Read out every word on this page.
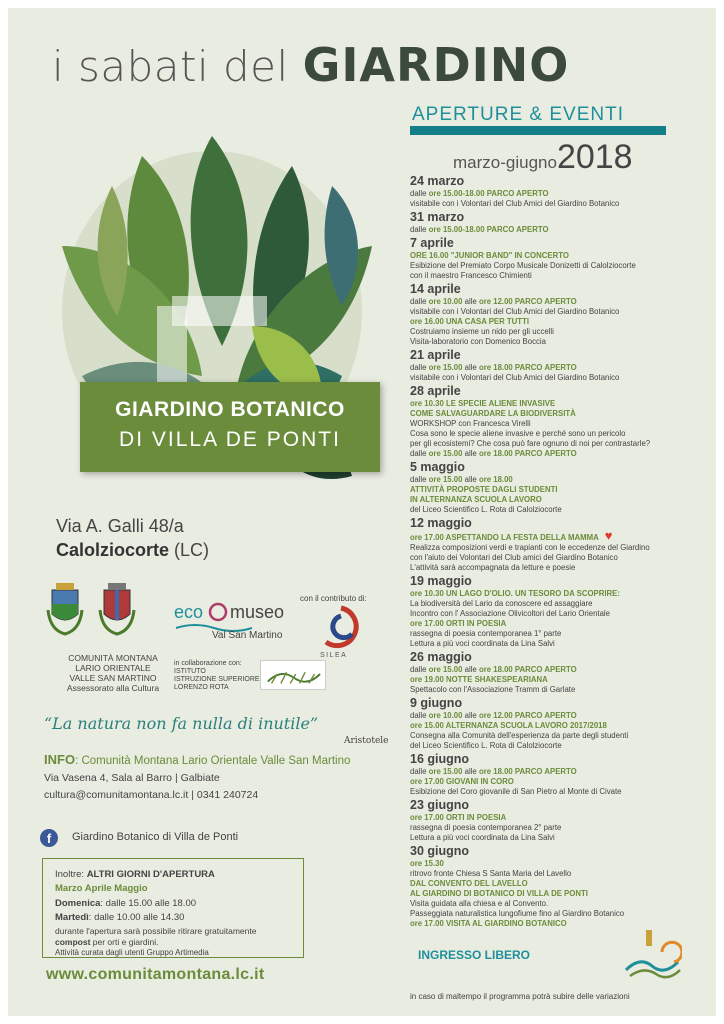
i sabati del GIARDINO
APERTURE & EVENTI
marzo-giugno2018
GIARDINO BOTANICO
DI VILLA DE PONTI
Via A. Galli 48/a
Calolziocorte (LC)
COMUNITÀ MONTANA
LARIO ORIENTALE
VALLE SAN MARTINO
Assessorato alla Cultura
eco museo
Val San Martino
con il contributo di:
SILEA
in collaborazione con:
ISTITUTO
ISTRUZIONE SUPERIORE
LORENZO ROTA
“La natura non fa nulla di inutile”
Aristotele
INFO: Comunità Montana Lario Orientale Valle San Martino
Via Vasena 4, Sala al Barro | Galbiate
cultura@comunitamontana.lc.it | 0341 240724
f	Giardino Botanico di Villa de Ponti
Inoltre: ALTRI GIORNI D'APERTURA
Marzo Aprile Maggio
Domenica: dalle 15.00 alle 18.00
Martedì: dalle 10.00 alle 14.30
durante l'apertura sarà possibile ritirare gratuitamente
compost per orti e giardini.
Attività curata dagli utenti Gruppo Artimedia
www.comunitamontana.lc.it
24 marzo
dalle ore 15.00-18.00 PARCO APERTO
visitabile con i Volontari del Club Amici del Giardino Botanico
31 marzo
dalle ore 15.00-18.00 PARCO APERTO
7 aprile
ORE 16.00 "JUNIOR BAND" IN CONCERTO
Esibizione del Premiato Corpo Musicale Donizetti di Calolziocorte
con il maestro Francesco Chimienti
14 aprile
dalle ore 10.00 alle ore 12.00 PARCO APERTO
visitabile con i Volontari del Club Amici del Giardino Botanico
ore 16.00 UNA CASA PER TUTTI
Costruiamo insieme un nido per gli uccelli
Visita-laboratorio con Domenico Boccia
21 aprile
dalle ore 15.00 alle ore 18.00 PARCO APERTO
visitabile con i Volontari del Club Amici del Giardino Botanico
28 aprile
ore 10.30 LE SPECIE ALIENE INVASIVE
COME SALVAGUARDARE LA BIODIVERSITÀ
WORKSHOP con Francesca Virelli
Cosa sono le specie aliene invasive e perché sono un pericolo
per gli ecosistemi? Che cosa può fare ognuno di noi per contrastarle?
dalle ore 15.00 alle ore 18.00 PARCO APERTO
5 maggio
dalle ore 15.00 alle ore 18.00
ATTIVITÀ PROPOSTE DAGLI STUDENTI
IN ALTERNANZA SCUOLA LAVORO
del Liceo Scientifico L. Rota di Calolziocorte
12 maggio
ore 17.00 ASPETTANDO LA FESTA DELLA MAMMA ♥
Realizza composizioni verdi e trapianti con le eccedenze del Giardino
con l'aiuto dei Volontari del Club amici del Giardino Botanico
L'attività sarà accompagnata da letture e poesie
19 maggio
ore 10.30 UN LAGO D'OLIO. UN TESORO DA SCOPRIRE:
La biodiversità del Lario da conoscere ed assaggiare
Incontro con l' Associazione Olivicoltori del Lario Orientale
ore 17.00 ORTI IN POESIA
rassegna di poesia contemporanea 1° parte
Lettura a più voci coordinata da Lina Salvi
26 maggio
dalle ore 15.00 alle ore 18.00 PARCO APERTO
ore 19.00 NOTTE SHAKESPEARIANA
Spettacolo con l'Associazione Tramm di Garlate
9 giugno
dalle ore 10.00 alle ore 12.00 PARCO APERTO
ore 15.00 ALTERNANZA SCUOLA LAVORO 2017/2018
Consegna alla Comunità dell'esperienza da parte degli studenti
del Liceo Scientifico L. Rota di Calolziocorte
16 giugno
dalle ore 15.00 alle ore 18.00 PARCO APERTO
ore 17.00 GIOVANI IN CORO
Esibizione del Coro giovanile di San Pietro al Monte di Civate
23 giugno
ore 17.00 ORTI IN POESIA
rassegna di poesia contemporanea 2° parte
Lettura a più voci coordinata da Lina Salvi
30 giugno
ore 15.30
ritrovo fronte Chiesa S Santa Maria del Lavello
DAL CONVENTO DEL LAVELLO
AL GIARDINO DI BOTANICO DI VILLA DE PONTI
Visita guidata alla chiesa e al Convento.
Passeggiata naturalistica lungofiume fino al Giardino Botanico
ore 17.00 VISITA AL GIARDINO BOTANICO
INGRESSO LIBERO
in caso di maltempo il programma potrà subire delle variazioni
